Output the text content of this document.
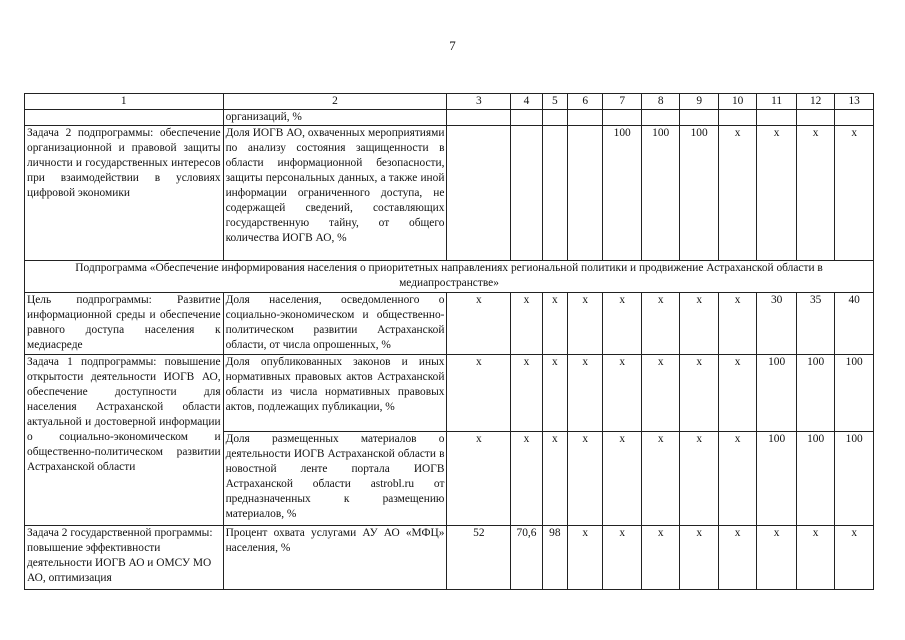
7
1	2	3	4	5	6	7	8	9	10	11	12	13
	организаций, %											
Задача 2 подпрограммы: обеспечение организационной и правовой защиты личности и государственных интересов при взаимодействии в условиях цифровой экономики	Доля ИОГВ АО, охваченных мероприятиями по анализу состояния защищенности в области информационной безопасности, защиты персональных данных, а также иной информации ограниченного доступа, не содержащей сведений, составляющих государственную тайну, от общего количества ИОГВ АО, %					100	100	100	x	x	x	x
Подпрограмма «Обеспечение информирования населения о приоритетных направлениях региональной политики и продвижение Астраханской области в медиапространстве»												
Цель подпрограммы: Развитие информационной среды и обеспечение равного доступа населения к медиасреде	Доля населения, осведомленного о социально-экономическом и общественно-политическом развитии Астраханской области, от числа опрошенных, %	x	x	x	x	x	x	x	x	30	35	40
Задача 1 подпрограммы: повышение открытости деятельности ИОГВ АО, обеспечение доступности для населения Астраханской области актуальной и достоверной информации о социально-экономическом и общественно-политическом развитии Астраханской области	Доля опубликованных законов и иных нормативных правовых актов Астраханской области из числа нормативных правовых актов, подлежащих публикации, %	x	x	x	x	x	x	x	x	100	100	100
	Доля размещенных материалов о деятельности ИОГВ Астраханской области в новостной ленте портала ИОГВ Астраханской области astrobl.ru от предназначенных к размещению материалов, %	x	x	x	x	x	x	x	x	100	100	100
Задача 2 государственной программы: повышение эффективности деятельности ИОГВ АО и ОМСУ МО АО, оптимизация	Процент охвата услугами АУ АО «МФЦ» населения, %	52	70,6	98	x	x	x	x	x	x	x	x
